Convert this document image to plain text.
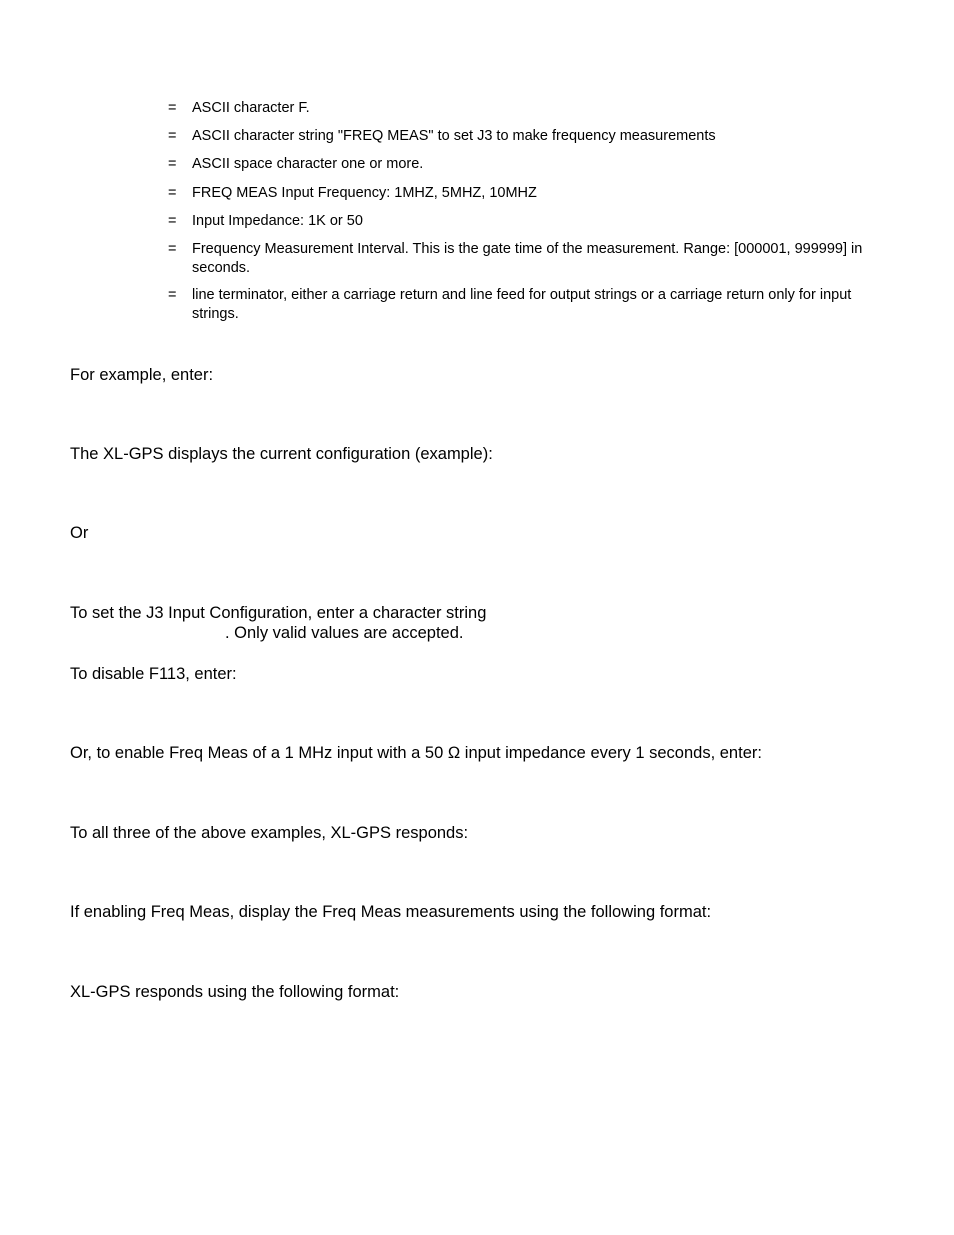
= ASCII character F.
= ASCII character string "FREQ MEAS" to set J3 to make frequency measurements
= ASCII space character one or more.
= FREQ MEAS Input Frequency: 1MHZ, 5MHZ, 10MHZ
= Input Impedance: 1K or 50
= Frequency Measurement Interval. This is the gate time of the measurement. Range: [000001, 999999] in seconds.
= line terminator, either a carriage return and line feed for output strings or a carriage return only for input strings.
For example, enter:
The XL-GPS displays the current configuration (example):
Or
To set the J3 Input Configuration, enter a character string
. Only valid values are accepted.
To disable F113, enter:
Or, to enable Freq Meas of a 1 MHz input with a 50 Ω input impedance every 1 seconds, enter:
To all three of the above examples, XL-GPS responds:
If enabling Freq Meas, display the Freq Meas measurements using the following format:
XL-GPS responds using the following format:
